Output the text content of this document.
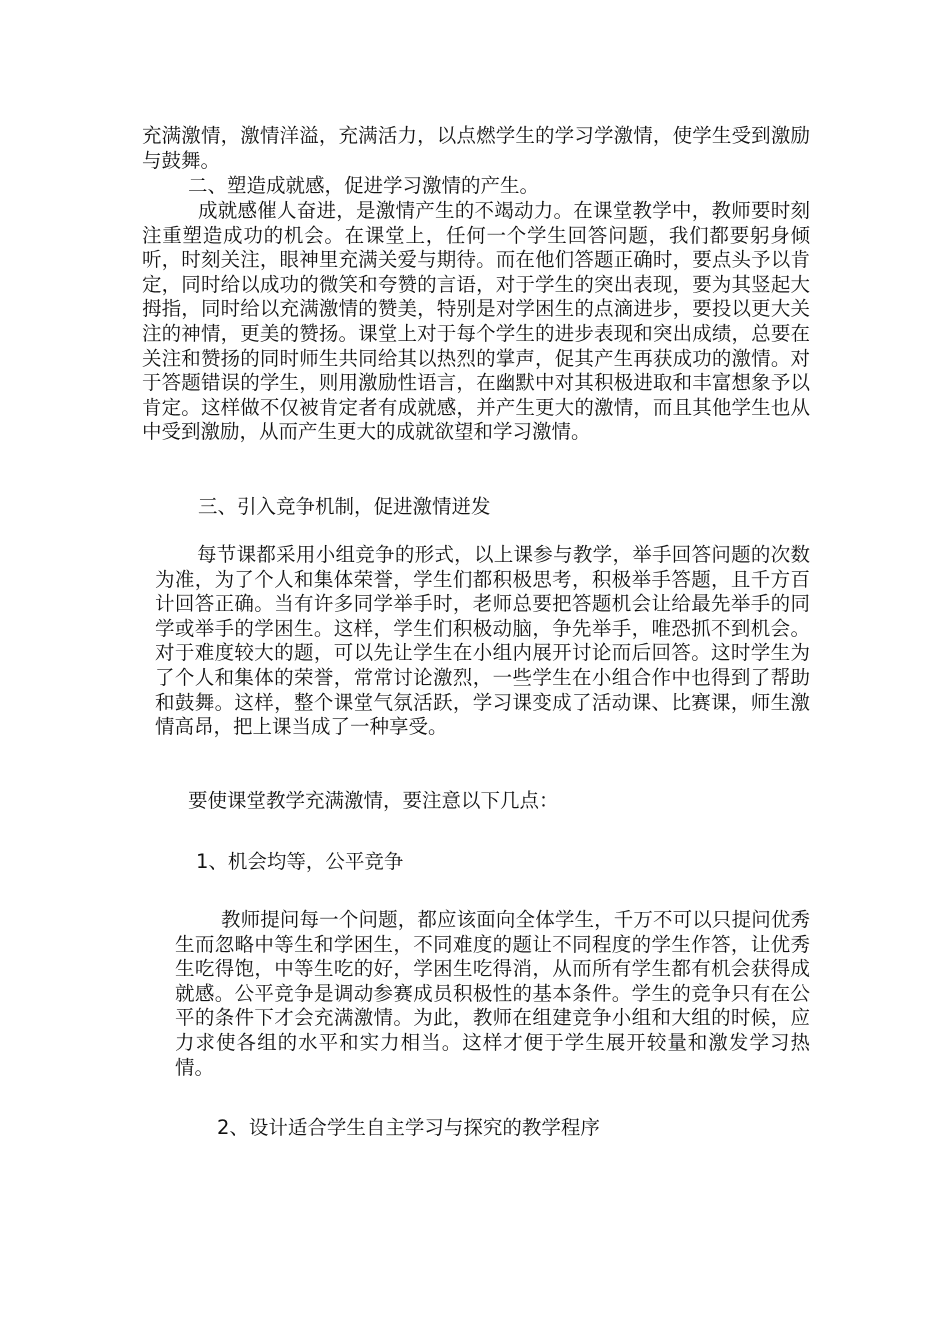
充满激情，激情洋溢，充满活力，以点燃学生的学习学激情，使学生受到激励与鼓舞。

二、塑造成就感，促进学习激情的产生。

成就感催人奋进，是激情产生的不竭动力。在课堂教学中，教师要时刻注重塑造成功的机会。在课堂上，任何一个学生回答问题，我们都要躬身倾听，时刻关注，眼神里充满关爱与期待。而在他们答题正确时，要点头予以肯定，同时给以成功的微笑和夸赞的言语，对于学生的突出表现，要为其竖起大拇指，同时给以充满激情的赞美，特别是对学困生的点滴进步，要投以更大关注的神情，更美的赞扬。课堂上对于每个学生的进步表现和突出成绩，总要在关注和赞扬的同时师生共同给其以热烈的掌声，促其产生再获成功的激情。对于答题错误的学生，则用激励性语言，在幽默中对其积极进取和丰富想象予以肯定。这样做不仅被肯定者有成就感，并产生更大的激情，而且其他学生也从中受到激励，从而产生更大的成就欲望和学习激情。

三、引入竞争机制，促进激情迸发

每节课都采用小组竞争的形式，以上课参与教学，举手回答问题的次数为准，为了个人和集体荣誉，学生们都积极思考，积极举手答题，且千方百计回答正确。当有许多同学举手时，老师总要把答题机会让给最先举手的同学或举手的学困生。这样，学生们积极动脑，争先举手，唯恐抓不到机会。对于难度较大的题，可以先让学生在小组内展开讨论而后回答。这时学生为了个人和集体的荣誉，常常讨论激烈，一些学生在小组合作中也得到了帮助和鼓舞。这样，整个课堂气氛活跃，学习课变成了活动课、比赛课，师生激情高昂，把上课当成了一种享受。

要使课堂教学充满激情，要注意以下几点：

1、机会均等，公平竞争

教师提问每一个问题，都应该面向全体学生，千万不可以只提问优秀生而忽略中等生和学困生，不同难度的题让不同程度的学生作答，让优秀生吃得饱，中等生吃的好，学困生吃得消，从而所有学生都有机会获得成就感。公平竞争是调动参赛成员积极性的基本条件。学生的竞争只有在公平的条件下才会充满激情。为此，教师在组建竞争小组和大组的时候，应力求使各组的水平和实力相当。这样才便于学生展开较量和激发学习热情。

2、设计适合学生自主学习与探究的教学程序
